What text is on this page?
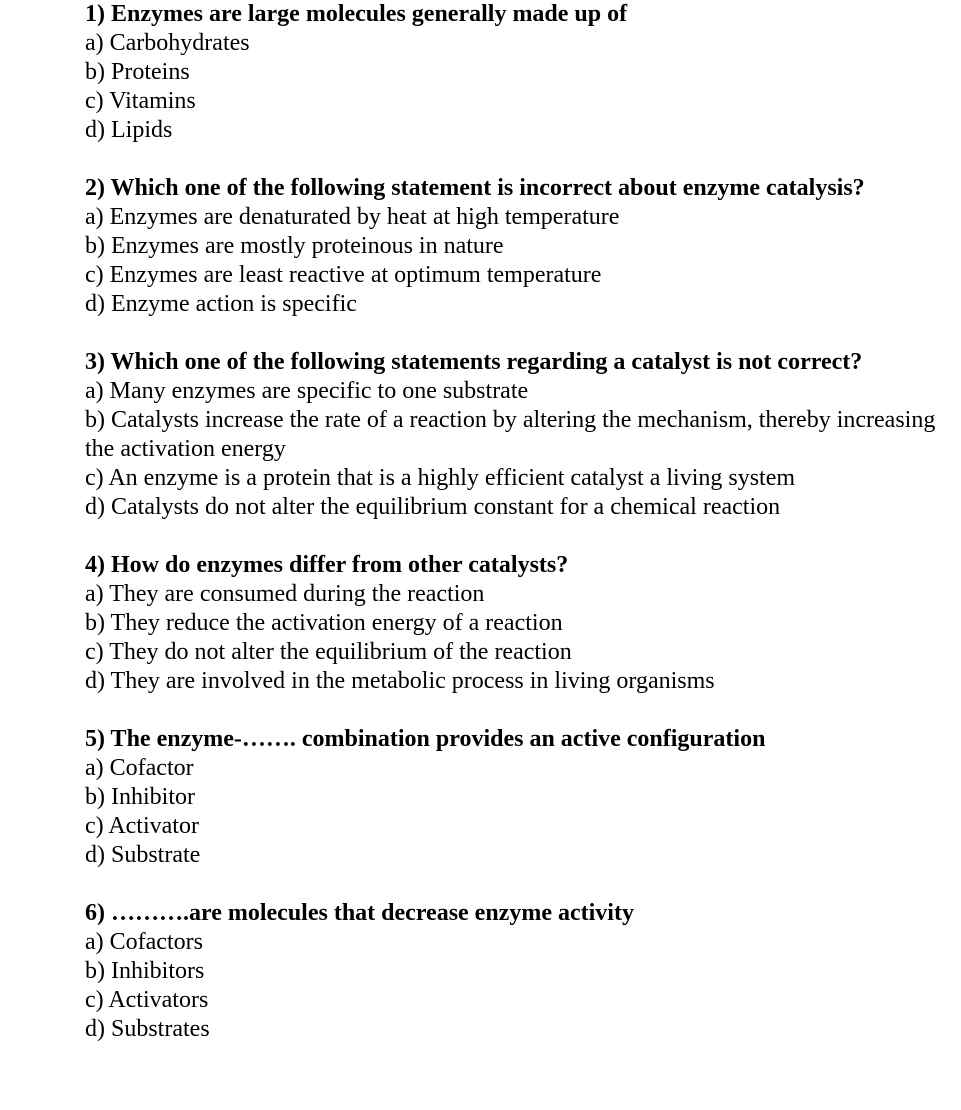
1) Enzymes are large molecules generally made up of
a) Carbohydrates
b) Proteins
c) Vitamins
d) Lipids
2) Which one of the following statement is incorrect about enzyme catalysis?
a) Enzymes are denaturated by heat at high temperature
b) Enzymes are mostly proteinous in nature
c) Enzymes are least reactive at optimum temperature
d) Enzyme action is specific
3) Which one of the following statements regarding a catalyst is not correct?
a) Many enzymes are specific to one substrate
b) Catalysts increase the rate of a reaction by altering the mechanism, thereby increasing the activation energy
c) An enzyme is a protein that is a highly efficient catalyst a living system
d) Catalysts do not alter the equilibrium constant for a chemical reaction
4) How do enzymes differ from other catalysts?
a) They are consumed during the reaction
b) They reduce the activation energy of a reaction
c) They do not alter the equilibrium of the reaction
d) They are involved in the metabolic process in living organisms
5) The enzyme-……. combination provides an active configuration
a) Cofactor
b) Inhibitor
c) Activator
d) Substrate
6) ……….are molecules that decrease enzyme activity
a) Cofactors
b) Inhibitors
c) Activators
d) Substrates
